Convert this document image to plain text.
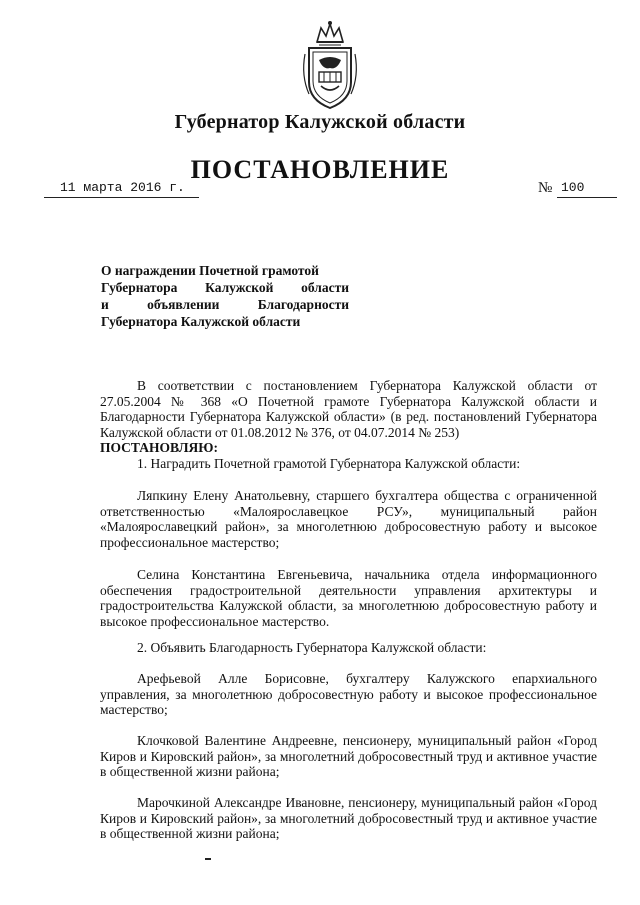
Губернатор Калужской области
ПОСТАНОВЛЕНИЕ
11 марта 2016 г.	№ 100
О награждении Почетной грамотой
Губернатора Калужской области
и объявлении Благодарности
Губернатора Калужской области

В соответствии с постановлением Губернатора Калужской области от 27.05.2004 № 368 «О Почетной грамоте Губернатора Калужской области и Благодарности Губернатора Калужской области» (в ред. постановлений Губернатора Калужской области от 01.08.2012 № 376, от 04.07.2014 № 253)

ПОСТАНОВЛЯЮ:

1. Наградить Почетной грамотой Губернатора Калужской области:

Ляпкину Елену Анатольевну, старшего бухгалтера общества с ограниченной ответственностью «Малоярославецкое РСУ», муниципальный район «Малоярославецкий район», за многолетнюю добросовестную работу и высокое профессиональное мастерство;

Селина Константина Евгеньевича, начальника отдела информационного обеспечения градостроительной деятельности управления архитектуры и градостроительства Калужской области, за многолетнюю добросовестную работу и высокое профессиональное мастерство.

2. Объявить Благодарность Губернатора Калужской области:

Арефьевой Алле Борисовне, бухгалтеру Калужского епархиального управления, за многолетнюю добросовестную работу и высокое профессиональное мастерство;

Клочковой Валентине Андреевне, пенсионеру, муниципальный район «Город Киров и Кировский район», за многолетний добросовестный труд и активное участие в общественной жизни района;

Марочкиной Александре Ивановне, пенсионеру, муниципальный район «Город Киров и Кировский район», за многолетний добросовестный труд и активное участие в общественной жизни района;
